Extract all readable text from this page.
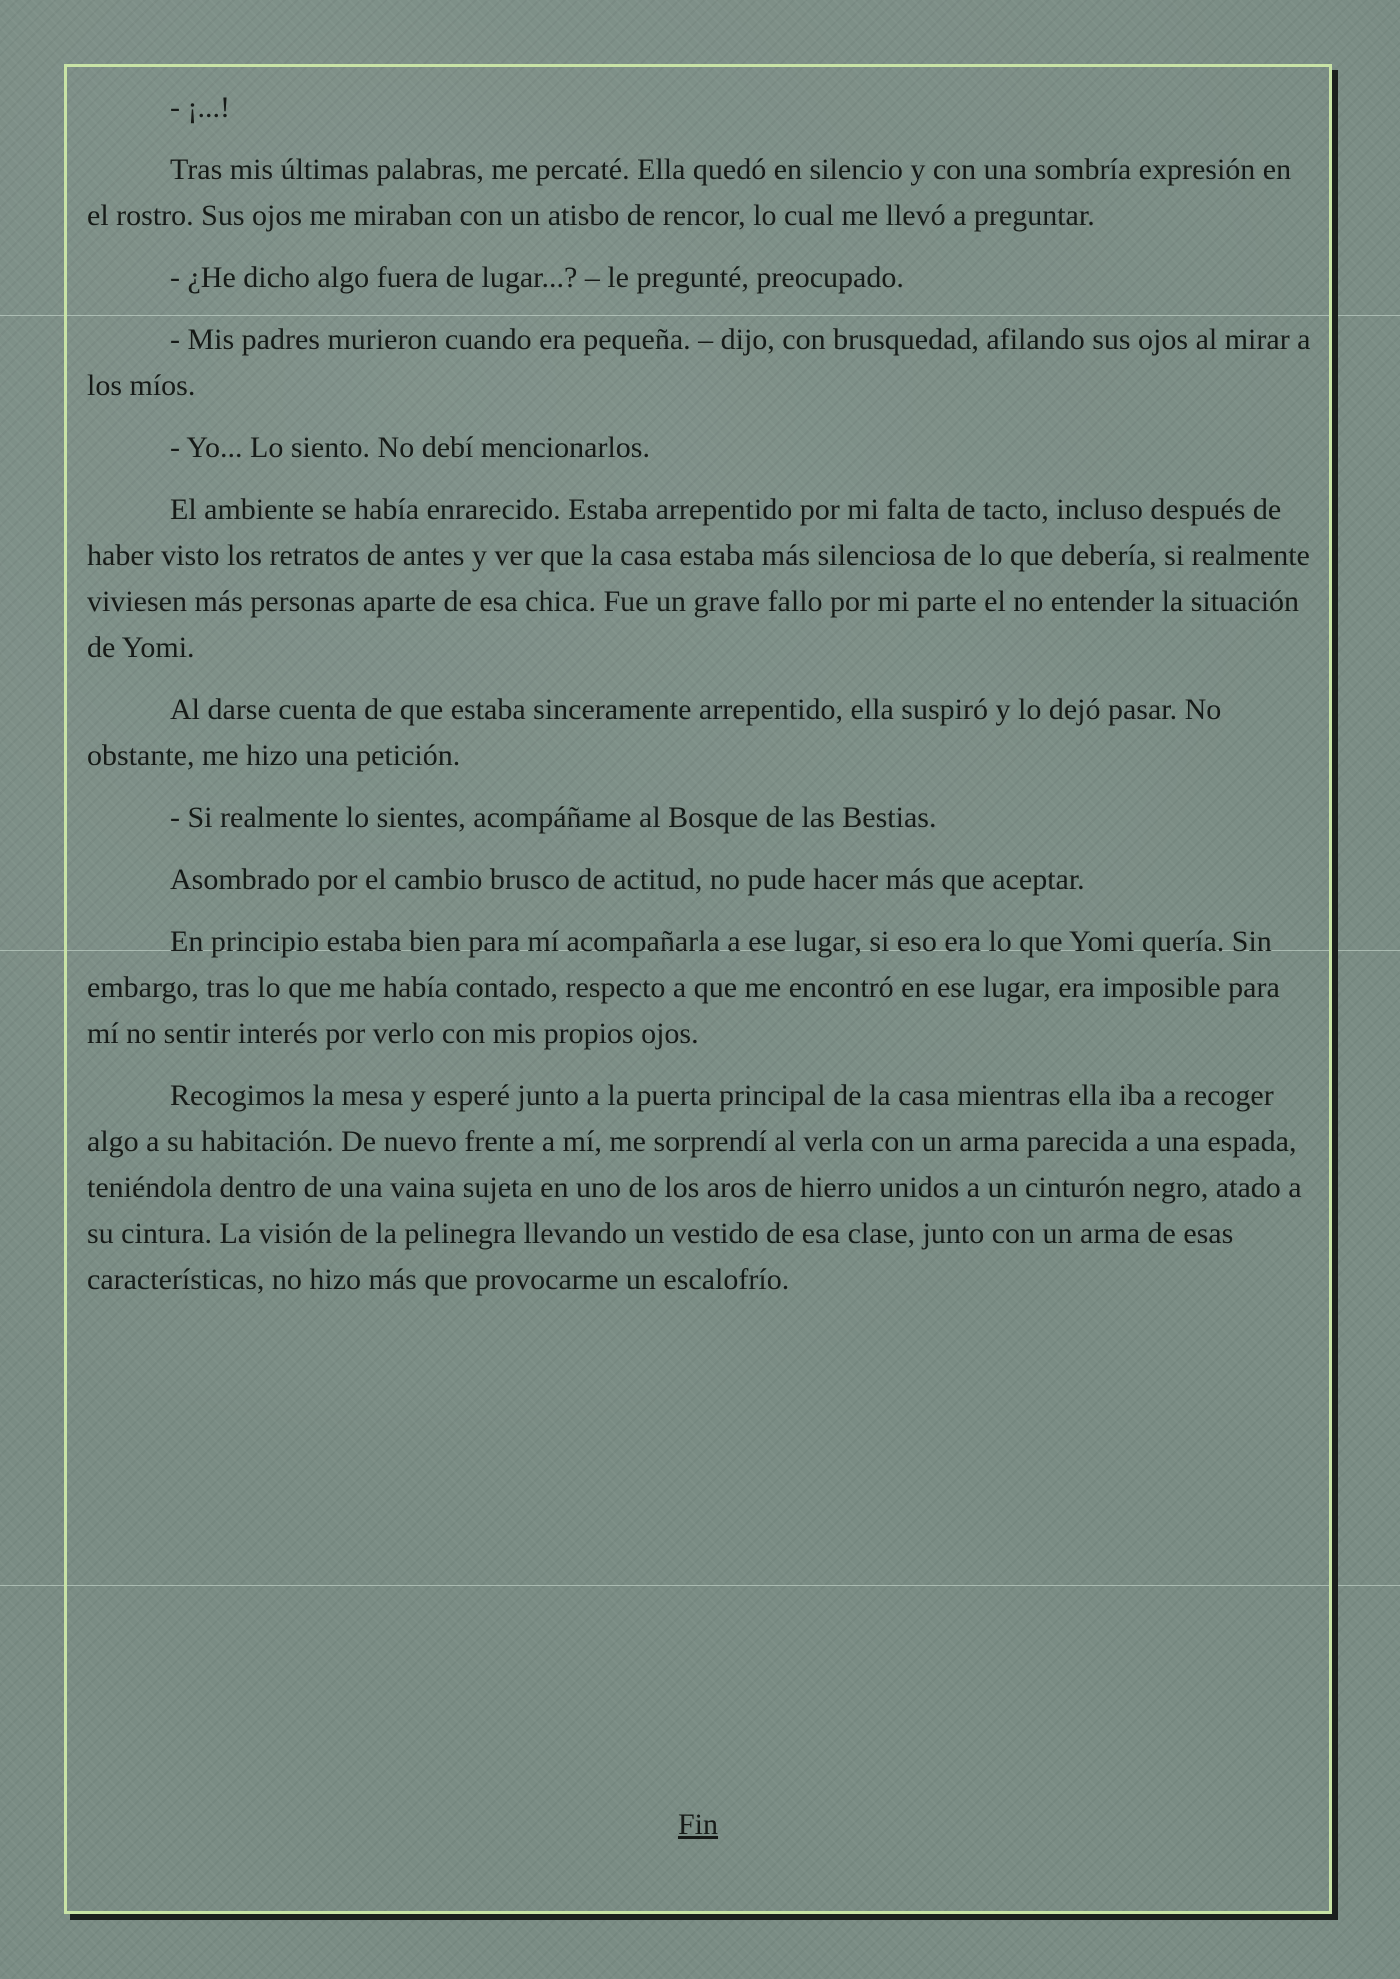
- ¡...!

Tras mis últimas palabras, me percaté. Ella quedó en silencio y con una sombría expresión en el rostro. Sus ojos me miraban con un atisbo de rencor, lo cual me llevó a preguntar.

- ¿He dicho algo fuera de lugar...? – le pregunté, preocupado.

- Mis padres murieron cuando era pequeña. – dijo, con brusquedad, afilando sus ojos al mirar a los míos.

- Yo... Lo siento. No debí mencionarlos.

El ambiente se había enrarecido. Estaba arrepentido por mi falta de tacto, incluso después de haber visto los retratos de antes y ver que la casa estaba más silenciosa de lo que debería, si realmente viviesen más personas aparte de esa chica. Fue un grave fallo por mi parte el no entender la situación de Yomi.

Al darse cuenta de que estaba sinceramente arrepentido, ella suspiró y lo dejó pasar. No obstante, me hizo una petición.

- Si realmente lo sientes, acompáñame al Bosque de las Bestias.

Asombrado por el cambio brusco de actitud, no pude hacer más que aceptar.

En principio estaba bien para mí acompañarla a ese lugar, si eso era lo que Yomi quería. Sin embargo, tras lo que me había contado, respecto a que me encontró en ese lugar, era imposible para mí no sentir interés por verlo con mis propios ojos.

Recogimos la mesa y esperé junto a la puerta principal de la casa mientras ella iba a recoger algo a su habitación. De nuevo frente a mí, me sorprendí al verla con un arma parecida a una espada, teniéndola dentro de una vaina sujeta en uno de los aros de hierro unidos a un cinturón negro, atado a su cintura. La visión de la pelinegra llevando un vestido de esa clase, junto con un arma de esas características, no hizo más que provocarme un escalofrío.

Fin
